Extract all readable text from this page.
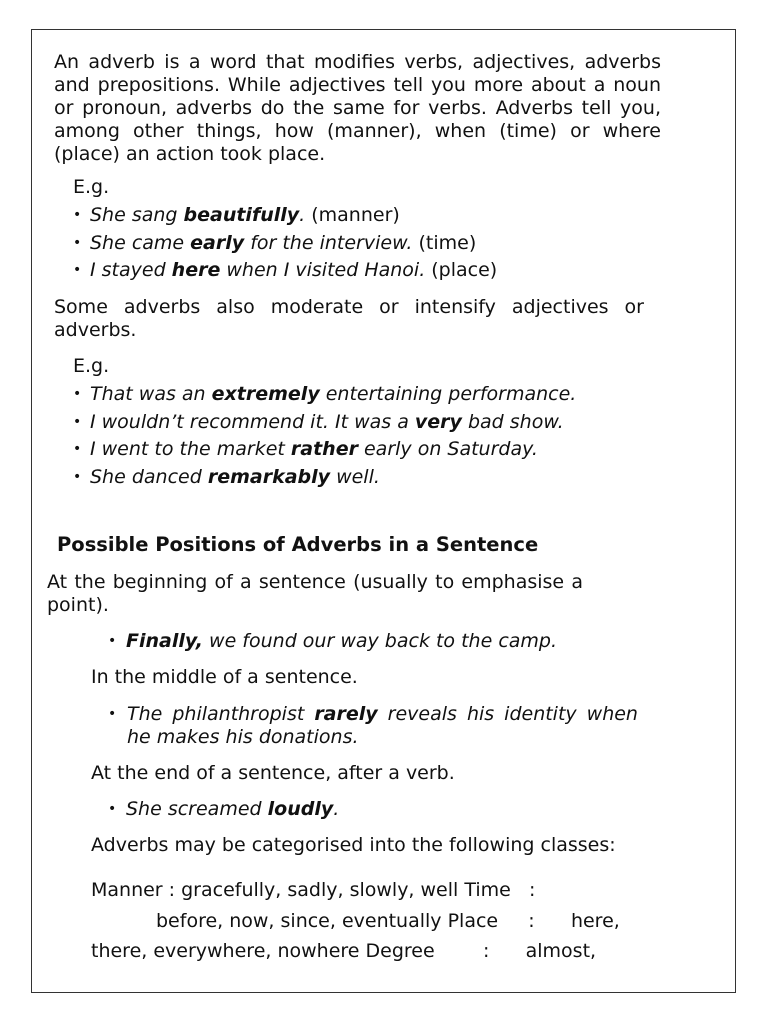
An adverb is a word that modifies verbs, adjectives, adverbs and prepositions. While adjectives tell you more about a noun or pronoun, adverbs do the same for verbs. Adverbs tell you, among other things, how (manner), when (time) or where (place) an action took place.

E.g.
• She sang beautifully. (manner)
• She came early for the interview. (time)
• I stayed here when I visited Hanoi. (place)

Some adverbs also moderate or intensify adjectives or adverbs.

E.g.
• That was an extremely entertaining performance.
• I wouldn’t recommend it. It was a very bad show.
• I went to the market rather early on Saturday.
• She danced remarkably well.
Possible Positions of Adverbs in a Sentence

At the beginning of a sentence (usually to emphasise a point).

• Finally, we found our way back to the camp.
In the middle of a sentence.
• The philanthropist rarely reveals his identity when he makes his donations.
At the end of a sentence, after a verb.
• She screamed loudly.
Adverbs may be categorised into the following classes:
Manner : gracefully, sadly, slowly, well Time   :
before, now, since, eventually Place     :      here,
there, everywhere, nowhere Degree        :      almost,
